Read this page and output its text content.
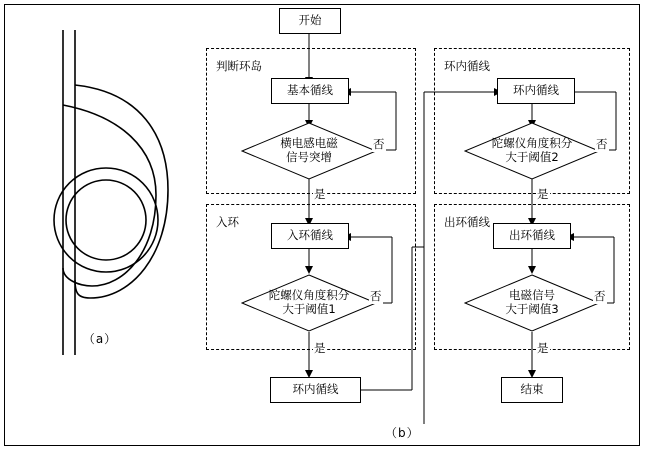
（a）
判断环岛	环内循线
入环	出环循线
开始
基本循线
入环循线
环内循线
出环循线
结束
横电感电磁
信号突增
陀螺仪角度积分
大于阈值2
陀螺仪角度积分
大于阈值1
电磁信号
大于阈值3
环内循线
否
是
否
是
否
是
否
是
（b）
